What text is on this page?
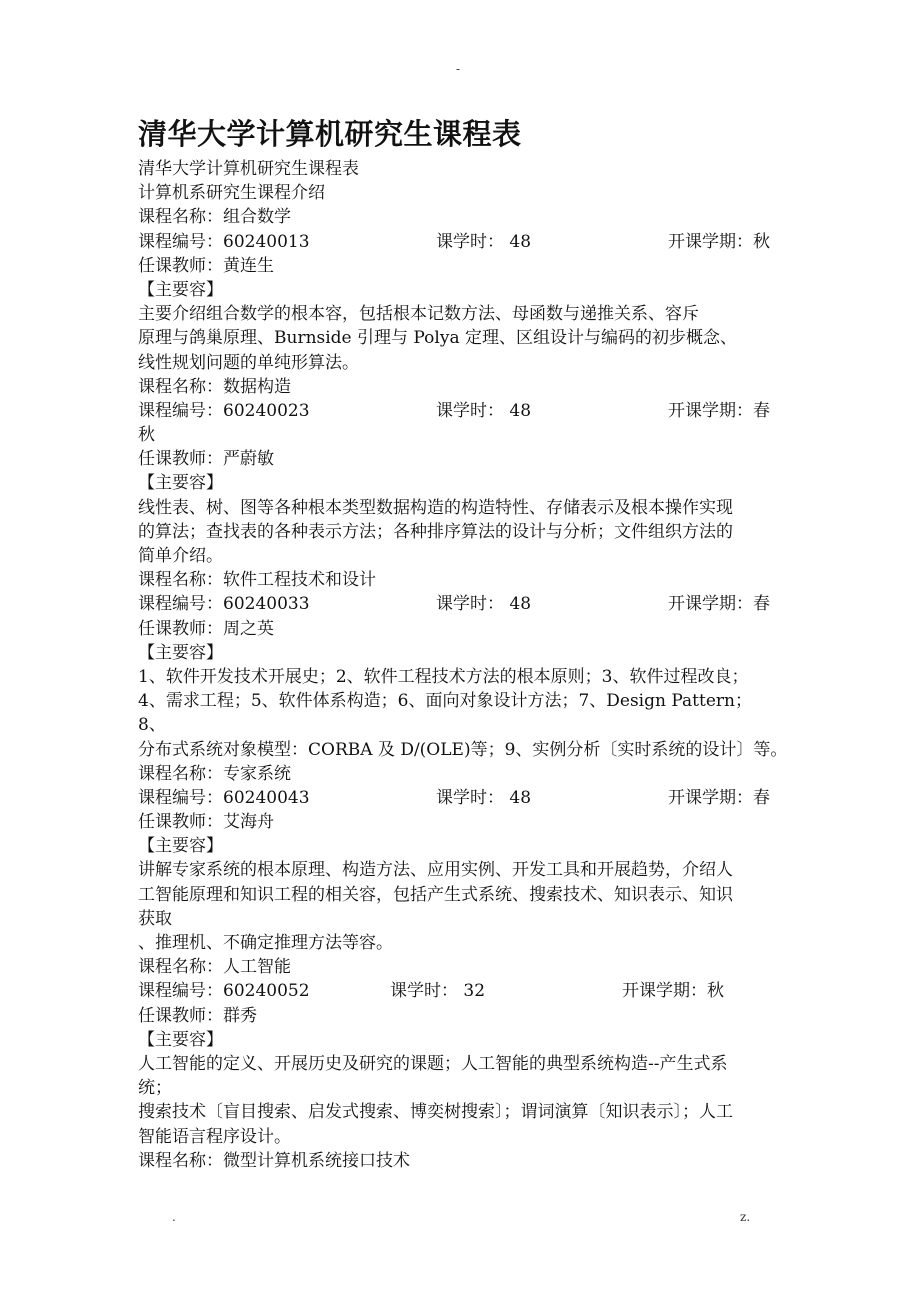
-
清华大学计算机研究生课程表
清华大学计算机研究生课程表
计算机系研究生课程介绍
课程名称：组合数学
课程编号：60240013	课学时： 48	开课学期：秋
任课教师：黄连生
【主要容】
主要介绍组合数学的根本容，包括根本记数方法、母函数与递推关系、容斥
原理与鸽巢原理、Burnside 引理与 Polya 定理、区组设计与编码的初步概念、
线性规划问题的单纯形算法。
课程名称：数据构造
课程编号：60240023	课学时： 48	开课学期：春
秋
任课教师：严蔚敏
【主要容】
线性表、树、图等各种根本类型数据构造的构造特性、存储表示及根本操作实现
的算法；查找表的各种表示方法；各种排序算法的设计与分析；文件组织方法的
简单介绍。
课程名称：软件工程技术和设计
课程编号：60240033	课学时： 48	开课学期：春
任课教师：周之英
【主要容】
1、软件开发技术开展史；2、软件工程技术方法的根本原则；3、软件过程改良；
4、需求工程；5、软件体系构造；6、面向对象设计方法；7、Design Pattern；
8、
分布式系统对象模型：CORBA 及 D/(OLE)等；9、实例分析〔实时系统的设计〕等。
课程名称：专家系统
课程编号：60240043	课学时： 48	开课学期：春
任课教师：艾海舟
【主要容】
讲解专家系统的根本原理、构造方法、应用实例、开发工具和开展趋势，介绍人
工智能原理和知识工程的相关容，包括产生式系统、搜索技术、知识表示、知识
获取
、推理机、不确定推理方法等容。
课程名称：人工智能
课程编号：60240052	课学时： 32	开课学期：秋
任课教师：群秀
【主要容】
人工智能的定义、开展历史及研究的课题；人工智能的典型系统构造--产生式系
统；
搜索技术〔盲目搜索、启发式搜索、博奕树搜索〕；谓词演算〔知识表示〕；人工
智能语言程序设计。
课程名称：微型计算机系统接口技术
.	z.
